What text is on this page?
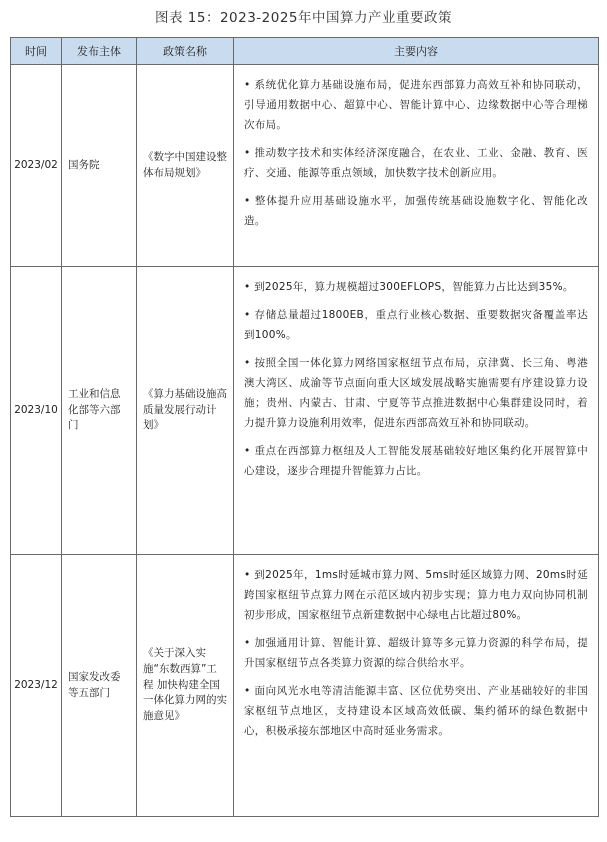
图表 15：2023-2025年中国算力产业重要政策
时间	发布主体	政策名称	主要内容
2023/02	国务院	《数字中国建设整体布局规划》	• 系统优化算力基础设施布局，促进东西部算力高效互补和协同联动，引导通用数据中心、超算中心、智能计算中心、边缘数据中心等合理梯次布局。
• 推动数字技术和实体经济深度融合，在农业、工业、金融、教育、医疗、交通、能源等重点领域，加快数字技术创新应用。
• 整体提升应用基础设施水平，加强传统基础设施数字化、智能化改造。

2023/10	工业和信息化部等六部门	《算力基础设施高质量发展行动计划》	• 到2025年，算力规模超过300EFLOPS，智能算力占比达到35%。
• 存储总量超过1800EB，重点行业核心数据、重要数据灾备覆盖率达到100%。
• 按照全国一体化算力网络国家枢纽节点布局，京津冀、长三角、粤港澳大湾区、成渝等节点面向重大区域发展战略实施需要有序建设算力设施；贵州、内蒙古、甘肃、宁夏等节点推进数据中心集群建设同时，着力提升算力设施利用效率，促进东西部高效互补和协同联动。
• 重点在西部算力枢纽及人工智能发展基础较好地区集约化开展智算中心建设，逐步合理提升智能算力占比。

2023/12	国家发改委等五部门	《关于深入实施“东数西算”工程 加快构建全国一体化算力网的实施意见》	• 到2025年，1ms时延城市算力网、5ms时延区域算力网、20ms时延跨国家枢纽节点算力网在示范区域内初步实现；算力电力双向协同机制初步形成，国家枢纽节点新建数据中心绿电占比超过80%。
• 加强通用计算、智能计算、超级计算等多元算力资源的科学布局，提升国家枢纽节点各类算力资源的综合供给水平。
• 面向风光水电等清洁能源丰富、区位优势突出、产业基础较好的非国家枢纽节点地区，支持建设本区域高效低碳、集约循环的绿色数据中心，积极承接东部地区中高时延业务需求。
